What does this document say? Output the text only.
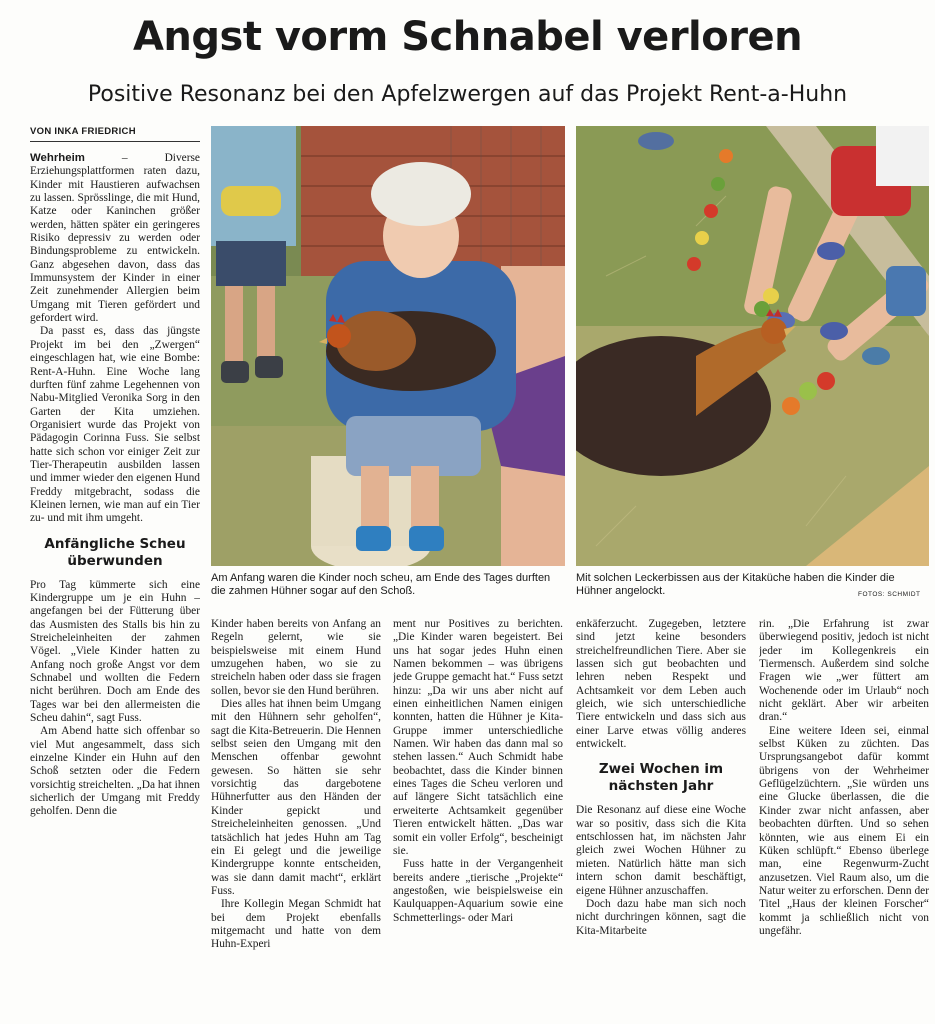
Angst vorm Schnabel verloren
Positive Resonanz bei den Apfelzwergen auf das Projekt Rent-a-Huhn
VON INKA FRIEDRICH

Wehrheim – Diverse Erziehungsplattformen raten dazu, Kinder mit Haustieren aufwachsen zu lassen. Sprösslinge, die mit Hund, Katze oder Kaninchen größer werden, hätten später ein geringeres Risiko depressiv zu werden oder Bindungsprobleme zu entwickeln. Ganz abgesehen davon, dass das Immunsystem der Kinder in einer Zeit zunehmender Allergien beim Umgang mit Tieren gefördert und gefordert wird.

Da passt es, dass das jüngste Projekt im bei den „Zwergen“ eingeschlagen hat, wie eine Bombe: Rent-A-Huhn. Eine Woche lang durften fünf zahme Legehennen von Nabu-Mitglied Veronika Sorg in den Garten der Kita umziehen. Organisiert wurde das Projekt von Pädagogin Corinna Fuss. Sie selbst hatte sich schon vor einiger Zeit zur Tier-Therapeutin ausbilden lassen und immer wieder den eigenen Hund Freddy mitgebracht, sodass die Kleinen lernen, wie man auf ein Tier zu- und mit ihm umgeht.

Anfängliche Scheu überwunden

Pro Tag kümmerte sich eine Kindergruppe um je ein Huhn – angefangen bei der Fütterung über das Ausmisten des Stalls bis hin zu Streicheleinheiten der zahmen Vögel. „Viele Kinder hatten zu Anfang noch große Angst vor dem Schnabel und wollten die Federn nicht berühren. Doch am Ende des Tages war bei den allermeisten die Scheu dahin“, sagt Fuss.

Am Abend hatte sich offenbar so viel Mut angesammelt, dass sich einzelne Kinder ein Huhn auf den Schoß setzten oder die Federn vorsichtig streichelten. „Da hat ihnen sicherlich der Umgang mit Freddy geholfen. Denn die

Am Anfang waren die Kinder noch scheu, am Ende des Tages durften die zahmen Hühner sogar auf den Schoß.
Mit solchen Leckerbissen aus der Kitaküche haben die Kinder die Hühner angelockt.	FOTOS: SCHMIDT

Kinder haben bereits von Anfang an Regeln gelernt, wie sie beispielsweise mit einem Hund umzugehen haben, wo sie zu streicheln haben oder dass sie fragen sollen, bevor sie den Hund berühren.

Dies alles hat ihnen beim Umgang mit den Hühnern sehr geholfen“, sagt die Kita-Betreuerin. Die Hennen selbst seien den Umgang mit den Menschen offenbar gewohnt gewesen. So hätten sie sehr vorsichtig das dargebotene Hühnerfutter aus den Händen der Kinder gepickt und Streicheleinheiten genossen. „Und tatsächlich hat jedes Huhn am Tag ein Ei gelegt und die jeweilige Kindergruppe konnte entscheiden, was sie dann damit macht“, erklärt Fuss.

Ihre Kollegin Megan Schmidt hat bei dem Projekt ebenfalls mitgemacht und hatte von dem Huhn-Experi

ment nur Positives zu berichten. „Die Kinder waren begeistert. Bei uns hat sogar jedes Huhn einen Namen bekommen – was übrigens jede Gruppe gemacht hat.“ Fuss setzt hinzu: „Da wir uns aber nicht auf einen einheitlichen Namen einigen konnten, hatten die Hühner je Kita-Gruppe immer unterschiedliche Namen. Wir haben das dann mal so stehen lassen.“ Auch Schmidt habe beobachtet, dass die Kinder binnen eines Tages die Scheu verloren und auf längere Sicht tatsächlich eine erweiterte Achtsamkeit gegenüber Tieren entwickelt hätten. „Das war somit ein voller Erfolg“, bescheinigt sie.

Fuss hatte in der Vergangenheit bereits andere „tierische „Projekte“ angestoßen, wie beispielsweise ein Kaulquappen-Aquarium sowie eine Schmetterlings- oder Mari

enkäferzucht. Zugegeben, letztere sind jetzt keine besonders streichelfreundlichen Tiere. Aber sie lassen sich gut beobachten und lehren neben Respekt und Achtsamkeit vor dem Leben auch gleich, wie sich unterschiedliche Tiere entwickeln und dass sich aus einer Larve etwas völlig anderes entwickelt.

Zwei Wochen im nächsten Jahr

Die Resonanz auf diese eine Woche war so positiv, dass sich die Kita entschlossen hat, im nächsten Jahr gleich zwei Wochen Hühner zu mieten. Natürlich hätte man sich intern schon damit beschäftigt, eigene Hühner anzuschaffen.

Doch dazu habe man sich noch nicht durchringen können, sagt die Kita-Mitarbeite

rin. „Die Erfahrung ist zwar überwiegend positiv, jedoch ist nicht jeder im Kollegenkreis ein Tiermensch. Außerdem sind solche Fragen wie „wer füttert am Wochenende oder im Urlaub“ noch nicht geklärt. Aber wir arbeiten dran.“

Eine weitere Ideen sei, einmal selbst Küken zu züchten. Das Ursprungsangebot dafür kommt übrigens von der Wehrheimer Geflügelzüchtern. „Sie würden uns eine Glucke überlassen, die die Kinder zwar nicht anfassen, aber beobachten dürften. Und so sehen könnten, wie aus einem Ei ein Küken schlüpft.“ Ebenso überlege man, eine Regenwurm-Zucht anzusetzen. Viel Raum also, um die Natur weiter zu erforschen. Denn der Titel „Haus der kleinen Forscher“ kommt ja schließlich nicht von ungefähr.
